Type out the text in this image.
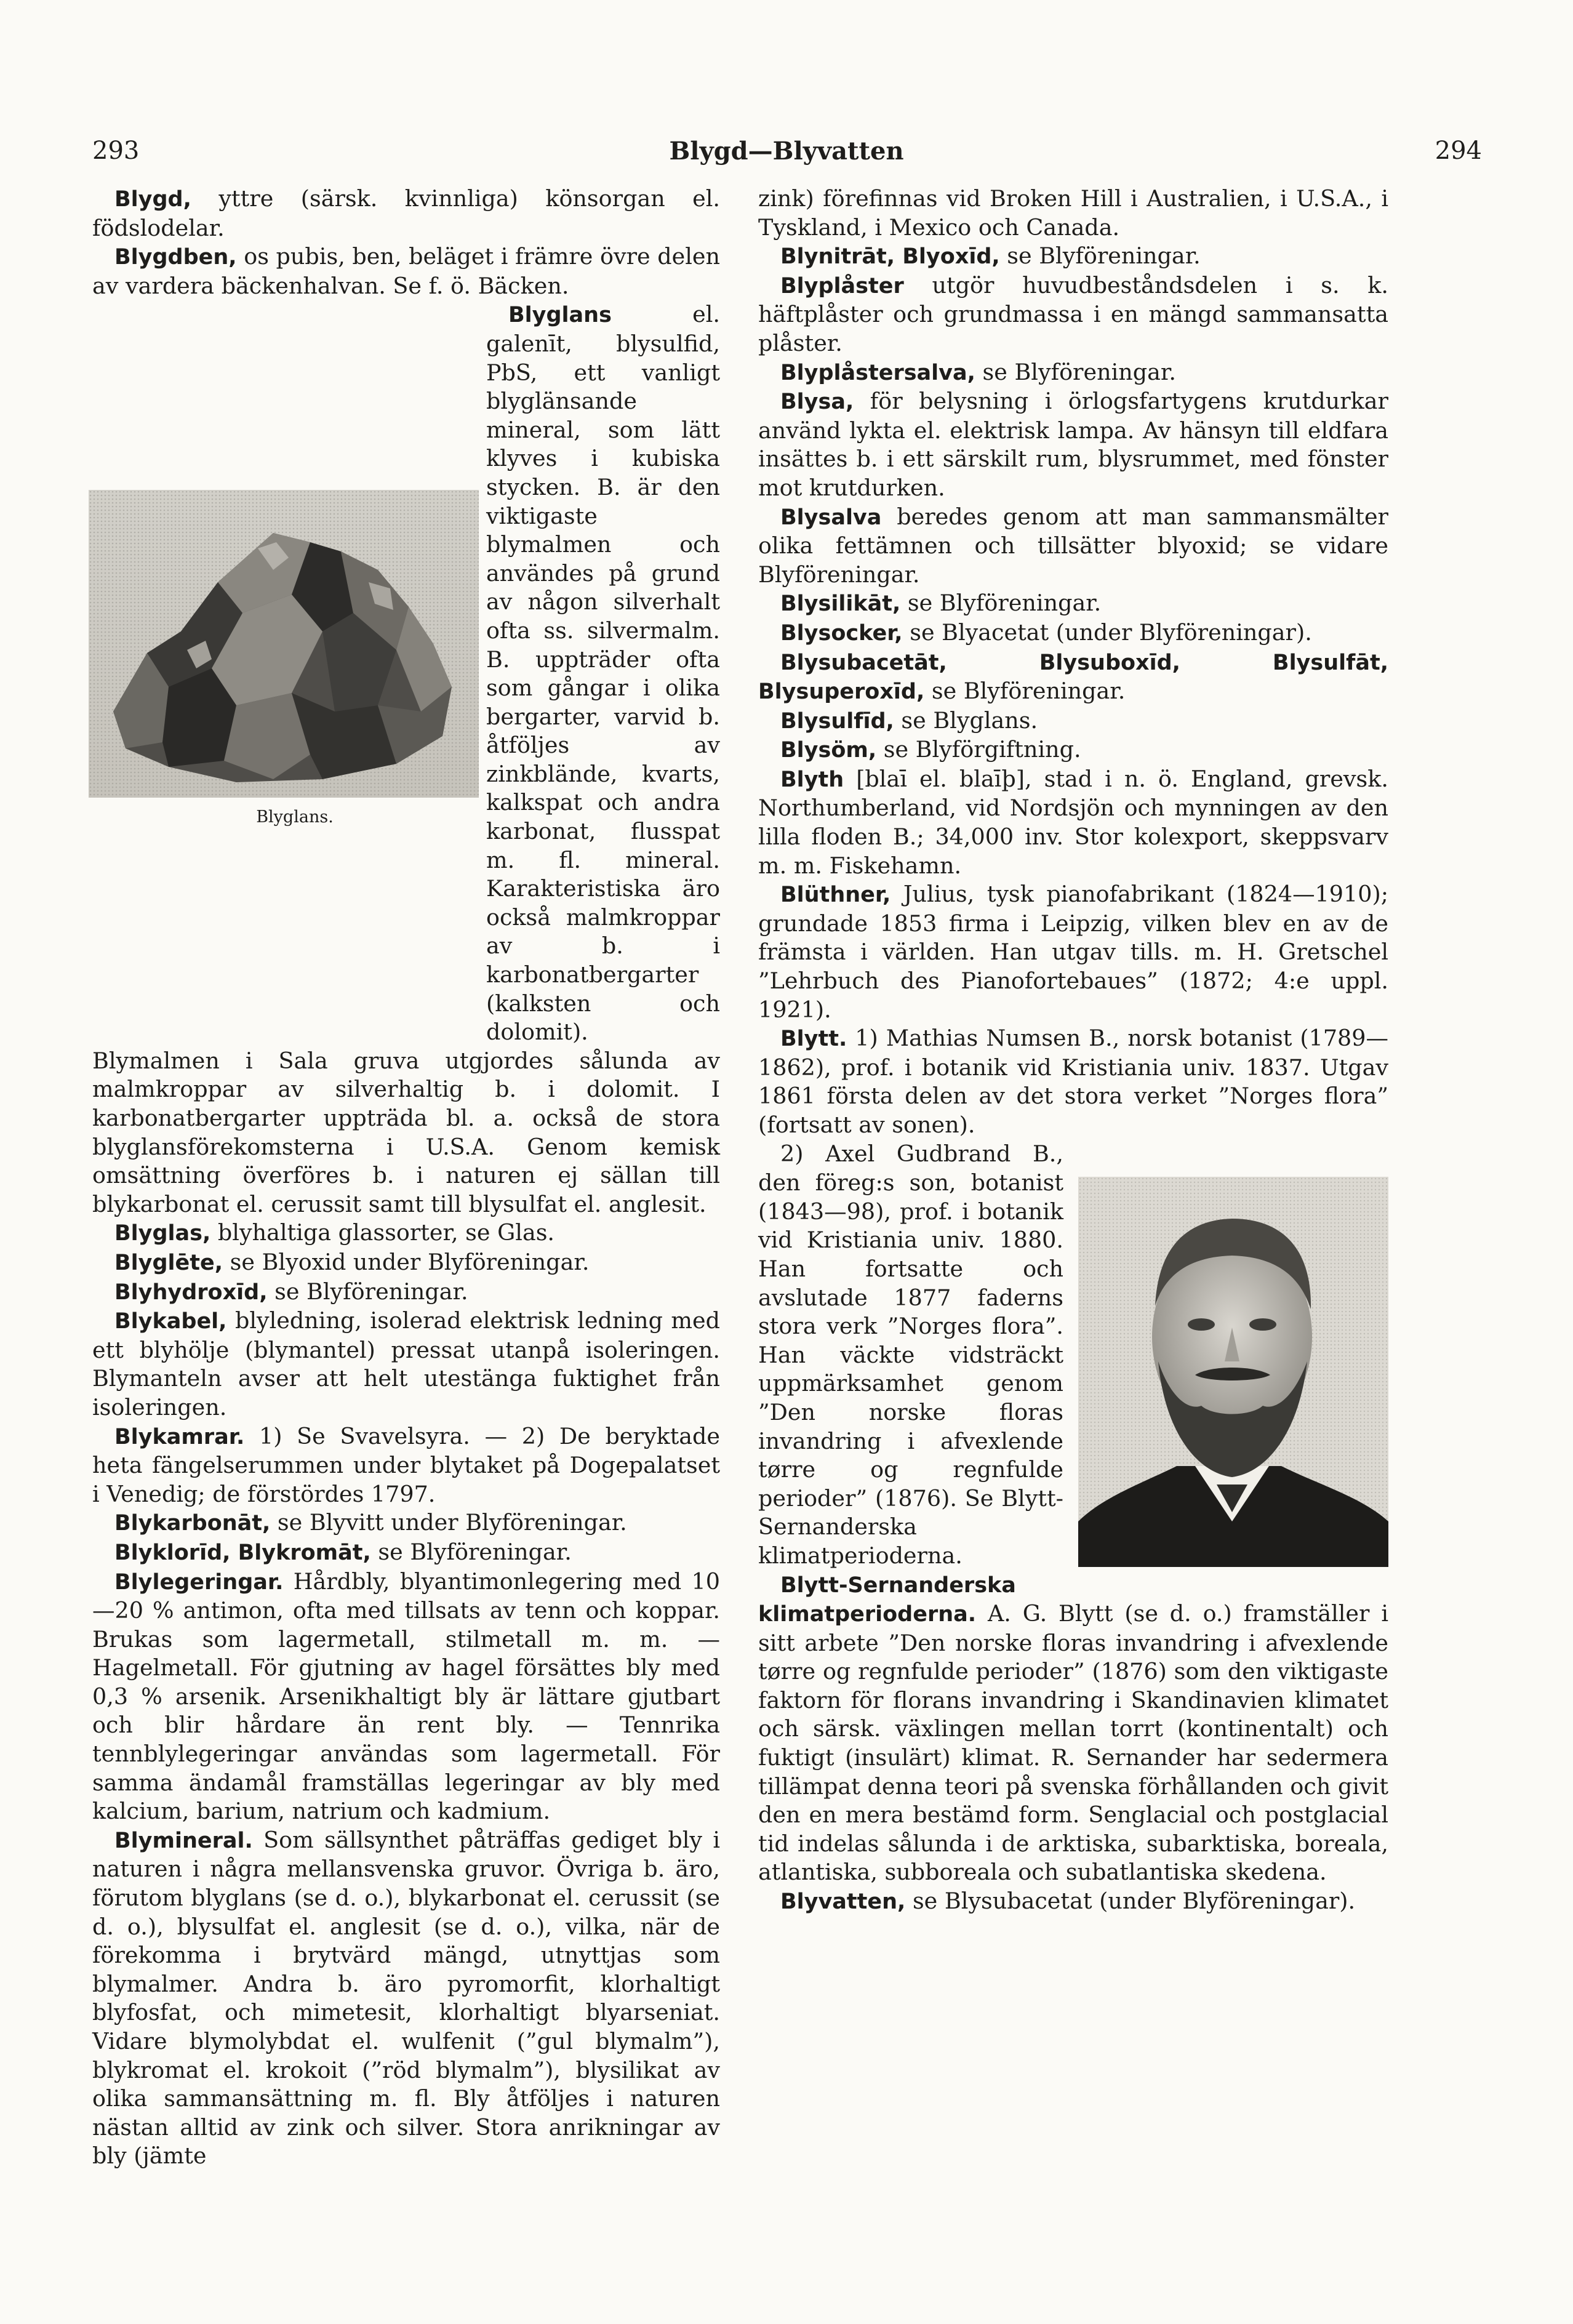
293	Blygd—Blyvatten	294

Blygd, yttre (särsk. kvinnliga) könsorgan el. födslodelar.

Blygdben, os pubis, ben, beläget i främre övre delen av vardera bäckenhalvan. Se f. ö. Bäcken.

Blyglans.
Blyglans	el. galenīt, blysulfid, PbS, ett vanligt blyglänsande mineral, som lätt klyves i kubiska stycken. B. är den viktigaste blymalmen och användes på grund av någon silverhalt ofta ss. silvermalm. B. uppträder ofta som gångar i olika bergarter, varvid b. åtföljes av zinkblände, kvarts, kalkspat och andra karbonat, flusspat m. fl. mineral. Karakteristiska äro också malmkroppar av b. i karbonatbergarter (kalksten och dolomit). Blymalmen i Sala gruva utgjordes sålunda av malmkroppar av silverhaltig b. i dolomit. I karbonatbergarter uppträda bl. a. också de stora blyglansförekomsterna i U.S.A. Genom kemisk omsättning överföres b. i naturen ej sällan till blykarbonat el. cerussit samt till blysulfat el. anglesit.

Blyglas, blyhaltiga glassorter, se Glas.

Blyglēte, se Blyoxid under Blyföreningar.

Blyhydroxīd, se Blyföreningar.

Blykabel, blyledning, isolerad elektrisk ledning med ett blyhölje (blymantel) pressat utanpå isoleringen. Blymanteln avser att helt utestänga fuktighet från isoleringen.

Blykamrar. 1) Se Svavelsyra. — 2) De beryktade heta fängelserummen under blytaket på Dogepalatset i Venedig; de förstördes 1797.

Blykarbonāt, se Blyvitt under Blyföreningar.

Blyklorīd, Blykromāt, se Blyföreningar.

Blylegeringar. Hårdbly, blyantimonlegering med 10—20 % antimon, ofta med tillsats av tenn och koppar. Brukas som lagermetall, stilmetall m. m. — Hagelmetall. För gjutning av hagel försättes bly med 0,3 % arsenik. Arsenikhaltigt bly är lättare gjutbart och blir hårdare än rent bly. — Tennrika tennblylegeringar användas som lagermetall. För samma ändamål framställas legeringar av bly med kalcium, barium, natrium och kadmium.

Blymineral. Som sällsynthet påträffas gediget bly i naturen i några mellansvenska gruvor. Övriga b. äro, förutom blyglans (se d. o.), blykarbonat el. cerussit (se d. o.), blysulfat el. anglesit (se d. o.), vilka, när de förekomma i brytvärd mängd, utnyttjas som blymalmer. Andra b. äro pyromorfit, klorhaltigt blyfosfat, och mimetesit, klorhaltigt blyarseniat. Vidare blymolybdat el. wulfenit (”gul blymalm”), blykromat el. krokoit (”röd blymalm”), blysilikat av olika sammansättning m. fl. Bly åtföljes i naturen nästan alltid av zink och silver. Stora anrikningar av bly (jämte

zink) förefinnas vid Broken Hill i Australien, i U.S.A., i Tyskland, i Mexico och Canada.

Blynitrāt, Blyoxīd, se Blyföreningar.

Blyplåster utgör huvudbeståndsdelen i s. k. häftplåster och grundmassa i en mängd sammansatta plåster.

Blyplåstersalva, se Blyföreningar.

Blysa, för belysning i örlogsfartygens krutdurkar använd lykta el. elektrisk lampa. Av hänsyn till eldfara insättes b. i ett särskilt rum, blysrummet, med fönster mot krutdurken.

Blysalva beredes genom att man sammansmälter olika fettämnen och tillsätter blyoxid; se vidare Blyföreningar.

Blysilikāt, se Blyföreningar.

Blysocker, se Blyacetat (under Blyföreningar).

Blysubacetāt, Blysuboxīd, Blysulfāt, Blysuperoxīd, se Blyföreningar.

Blysulfīd, se Blyglans.

Blysöm, se Blyförgiftning.

Blyth [blaī el. blaīþ], stad i n. ö. England, grevsk. Northumberland, vid Nordsjön och mynningen av den lilla floden B.; 34,000 inv. Stor kolexport, skeppsvarv m. m. Fiskehamn.

Blüthner, Julius, tysk pianofabrikant (1824—1910); grundade 1853 firma i Leipzig, vilken blev en av de främsta i världen. Han utgav tills. m. H. Gretschel ”Lehrbuch des Pianofortebaues” (1872; 4:e uppl. 1921).

Blytt. 1) Mathias Numsen B., norsk botanist (1789—1862), prof. i botanik vid Kristiania univ. 1837. Utgav 1861 första delen av det stora verket ”Norges flora” (fortsatt av sonen).

2) Axel Gudbrand B., den föreg:s son, botanist (1843—98), prof. i botanik vid Kristiania univ. 1880. Han fortsatte och avslutade 1877 faderns stora verk ”Norges flora”. Han väckte vidsträckt uppmärksamhet genom ”Den norske floras invandring i afvexlende tørre og regnfulde perioder” (1876). Se Blytt-Sernanderska klimatperioderna.

Blytt-Sernanderska klimatperioderna. A. G. Blytt (se d. o.) framställer i sitt arbete ”Den norske floras invandring i afvexlende tørre og regnfulde perioder” (1876) som den viktigaste faktorn för florans invandring i Skandinavien klimatet och särsk. växlingen mellan torrt (kontinentalt) och fuktigt (insulärt) klimat. R. Sernander har sedermera tillämpat denna teori på svenska förhållanden och givit den en mera bestämd form. Senglacial och postglacial tid indelas sålunda i de arktiska, subarktiska, boreala, atlantiska, subboreala och subatlantiska skedena.

Blyvatten, se Blysubacetat (under Blyföreningar).
